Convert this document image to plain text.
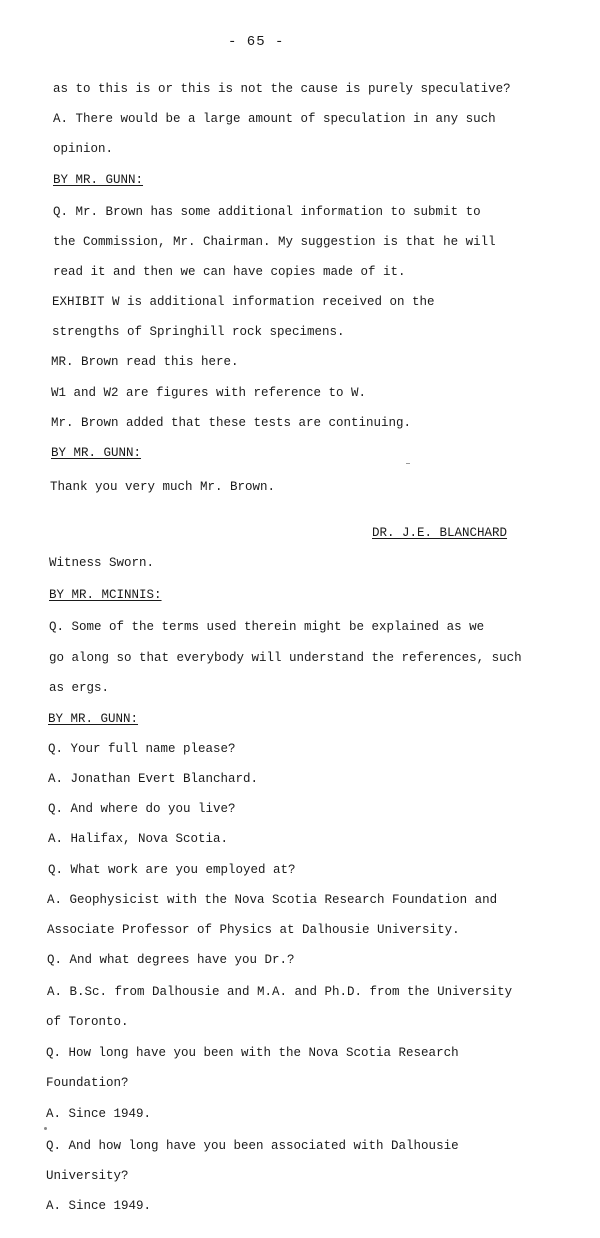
- 65 -
as to this is or this is not the cause is purely speculative?
A. There would be a large amount of speculation in any such
opinion.
BY MR. GUNN:
Q. Mr. Brown has some additional information to submit to
the Commission, Mr. Chairman. My suggestion is that he will
read it and then we can have copies made of it.
EXHIBIT W is additional information received on the
strengths of Springhill rock specimens.
MR. Brown read this here.
W1 and W2 are figures with reference to W.
Mr. Brown added that these tests are continuing.
BY MR. GUNN:
Thank you very much Mr. Brown.
DR. J.E. BLANCHARD
Witness Sworn.
BY MR. MCINNIS:
Q. Some of the terms used therein might be explained as we
go along so that everybody will understand the references, such
as ergs.
BY MR. GUNN:
Q. Your full name please?
A. Jonathan Evert Blanchard.
Q. And where do you live?
A. Halifax, Nova Scotia.
Q. What work are you employed at?
A. Geophysicist with the Nova Scotia Research Foundation and
Associate Professor of Physics at Dalhousie University.
Q. And what degrees have you Dr.?
A. B.Sc. from Dalhousie and M.A. and Ph.D. from the University
of Toronto.
Q. How long have you been with the Nova Scotia Research
Foundation?
A. Since 1949.
Q. And how long have you been associated with Dalhousie
University?
A. Since 1949.
